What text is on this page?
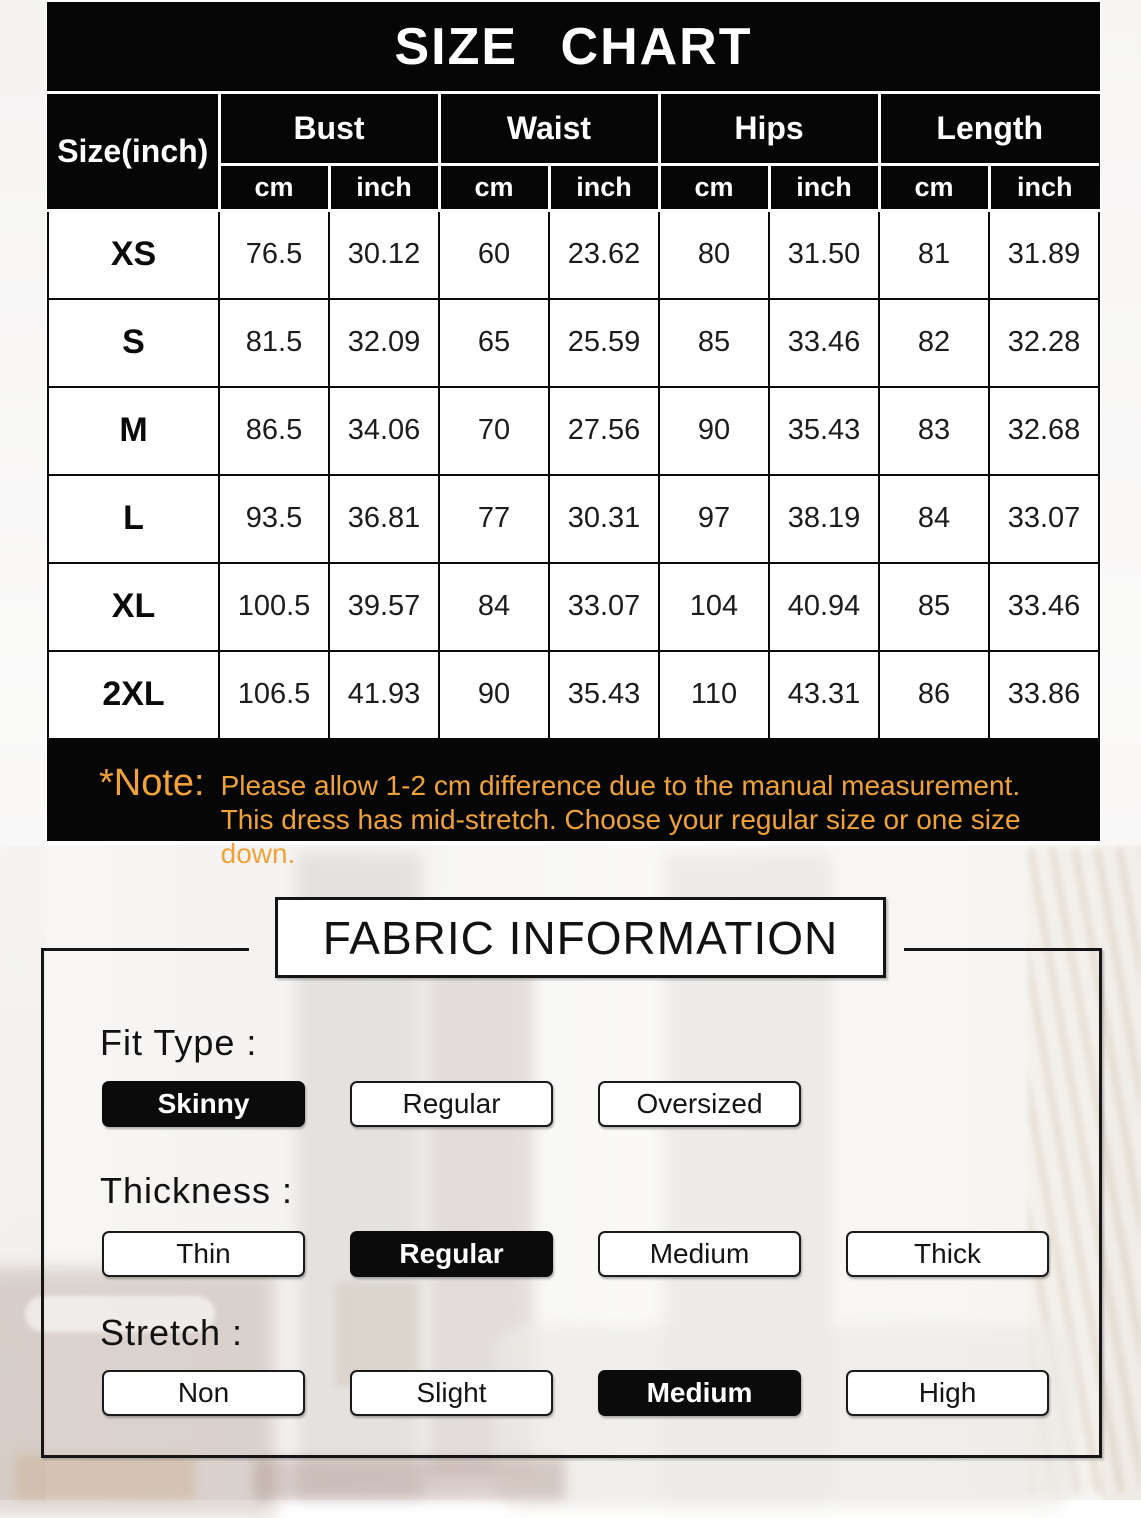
SIZE CHART
Size(inch)	Bust		Waist		Hips		Length	
	cm	inch	cm	inch	cm	inch	cm	inch
XS	76.5	30.12	60	23.62	80	31.50	81	31.89
S	81.5	32.09	65	25.59	85	33.46	82	32.28
M	86.5	34.06	70	27.56	90	35.43	83	32.68
L	93.5	36.81	77	30.31	97	38.19	84	33.07
XL	100.5	39.57	84	33.07	104	40.94	85	33.46
2XL	106.5	41.93	90	35.43	110	43.31	86	33.86
*Note: Please allow 1-2 cm difference due to the manual measurement.
This dress has mid-stretch. Choose your regular size or one size down.
FABRIC INFORMATION
Fit Type :
Skinny	Regular	Oversized
Thickness :
Thin	Regular	Medium	Thick
Stretch :
Non	Slight	Medium	High
